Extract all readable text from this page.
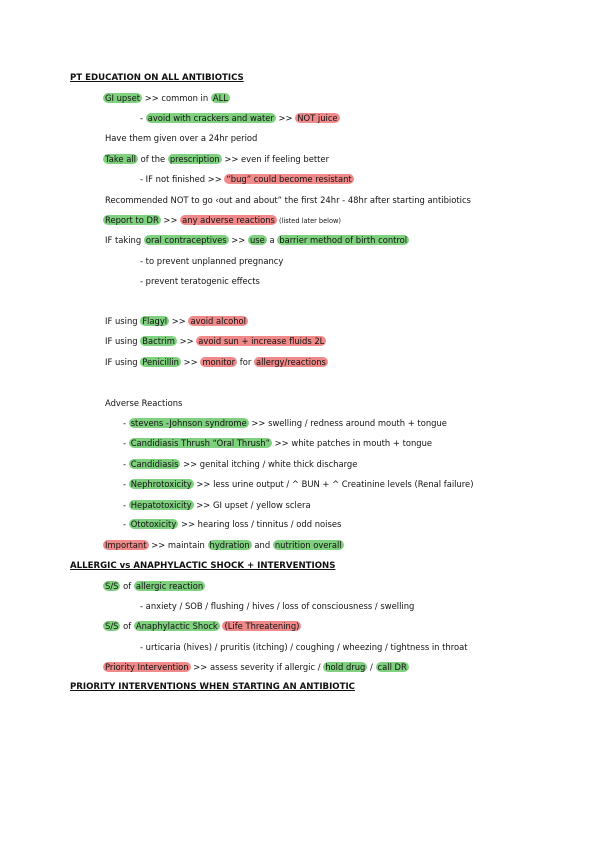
PT EDUCATION ON ALL ANTIBIOTICS
GI upset >> common in ALL
- avoid with crackers and water >> NOT juice
Have them given over a 24hr period
Take all of the prescription >> even if feeling better
- IF not finished >> “bug” could become resistant
Recommended NOT to go ‹out and about” the first 24hr - 48hr after starting antibiotics
Report to DR >> any adverse reactions (listed later below)
IF taking oral contraceptives >> use a barrier method of birth control
- to prevent unplanned pregnancy
- prevent teratogenic effects
IF using Flagyl >> avoid alcohol
IF using Bactrim >> avoid sun + increase fluids 2L
IF using Penicillin >> monitor for allergy/reactions
Adverse Reactions
- stevens -Johnson syndrome >> swelling / redness around mouth + tongue
- Candidiasis Thrush “Oral Thrush” >> white patches in mouth + tongue
- Candidiasis >> genital itching / white thick discharge
- Nephrotoxicity >> less urine output / ^ BUN + ^ Creatinine levels (Renal failure)
- Hepatotoxicity >> GI upset / yellow sclera
- Ototoxicity >> hearing loss / tinnitus / odd noises
Important >> maintain hydration and nutrition overall
ALLERGIC vs ANAPHYLACTIC SHOCK + INTERVENTIONS
S/S of allergic reaction
- anxiety / SOB / flushing / hives / loss of consciousness / swelling
S/S of Anaphylactic Shock (Life Threatening)
- urticaria (hives) / pruritis (itching) / coughing / wheezing / tightness in throat
Priority Intervention >> assess severity if allergic / hold drug / call DR
PRIORITY INTERVENTIONS WHEN STARTING AN ANTIBIOTIC
